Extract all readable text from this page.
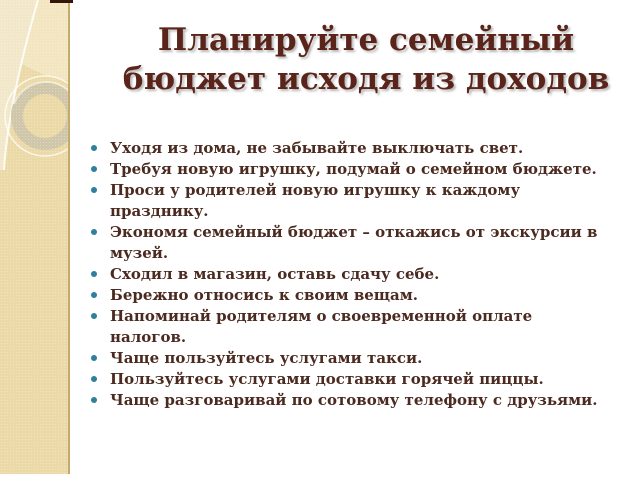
Планируйте семейный
бюджет исходя из доходов
Уходя из дома, не забывайте выключать свет.
Требуя новую игрушку, подумай о семейном бюджете.
Проси у родителей новую игрушку к каждому
празднику.
Экономя семейный бюджет – откажись от экскурсии в
музей.
Сходил в магазин, оставь сдачу себе.
Бережно относись к своим вещам.
Напоминай родителям о своевременной оплате
налогов.
Чаще пользуйтесь услугами такси.
Пользуйтесь услугами доставки горячей пиццы.
Чаще разговаривай по сотовому телефону с друзьями.
